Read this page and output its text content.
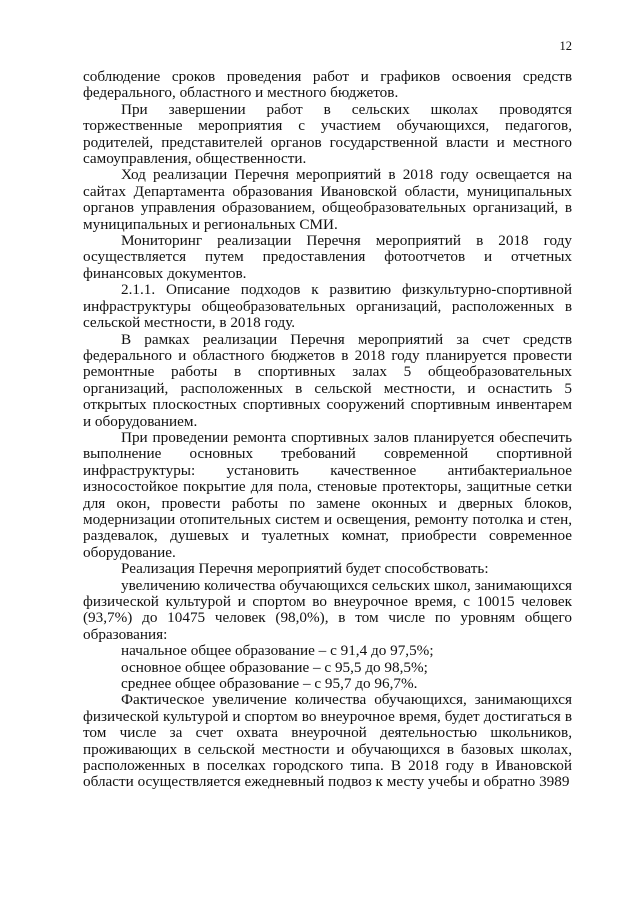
12

соблюдение сроков проведения работ и графиков освоения средств федерального, областного и местного бюджетов.

При завершении работ в сельских школах проводятся торжественные мероприятия с участием обучающихся, педагогов, родителей, представителей органов государственной власти и местного самоуправления, общественности.

Ход реализации Перечня мероприятий в 2018 году освещается на сайтах Департамента образования Ивановской области, муниципальных органов управления образованием, общеобразовательных организаций, в муниципальных и региональных СМИ.

Мониторинг реализации Перечня мероприятий в 2018 году осуществляется путем предоставления фотоотчетов и отчетных финансовых документов.

2.1.1. Описание подходов к развитию физкультурно-спортивной инфраструктуры общеобразовательных организаций, расположенных в сельской местности, в 2018 году.

В рамках реализации Перечня мероприятий за счет средств федерального и областного бюджетов в 2018 году планируется провести ремонтные работы в спортивных залах 5 общеобразовательных организаций, расположенных в сельской местности, и оснастить 5 открытых плоскостных спортивных сооружений спортивным инвентарем и оборудованием.

При проведении ремонта спортивных залов планируется обеспечить выполнение основных требований современной спортивной инфраструктуры: установить качественное антибактериальное износостойкое покрытие для пола, стеновые протекторы, защитные сетки для окон, провести работы по замене оконных и дверных блоков, модернизации отопительных систем и освещения, ремонту потолка и стен, раздевалок, душевых и туалетных комнат, приобрести современное оборудование.

Реализация Перечня мероприятий будет способствовать:

увеличению количества обучающихся сельских школ, занимающихся физической культурой и спортом во внеурочное время, с 10015 человек (93,7%) до 10475 человек (98,0%), в том числе по уровням общего образования:

начальное общее образование – с 91,4 до 97,5%;

основное общее образование – с 95,5 до 98,5%;

среднее общее образование – с 95,7 до 96,7%.

Фактическое увеличение количества обучающихся, занимающихся физической культурой и спортом во внеурочное время, будет достигаться в том числе за счет охвата внеурочной деятельностью школьников, проживающих в сельской местности и обучающихся в базовых школах, расположенных в поселках городского типа. В 2018 году в Ивановской области осуществляется ежедневный подвоз к месту учебы и обратно 3989
